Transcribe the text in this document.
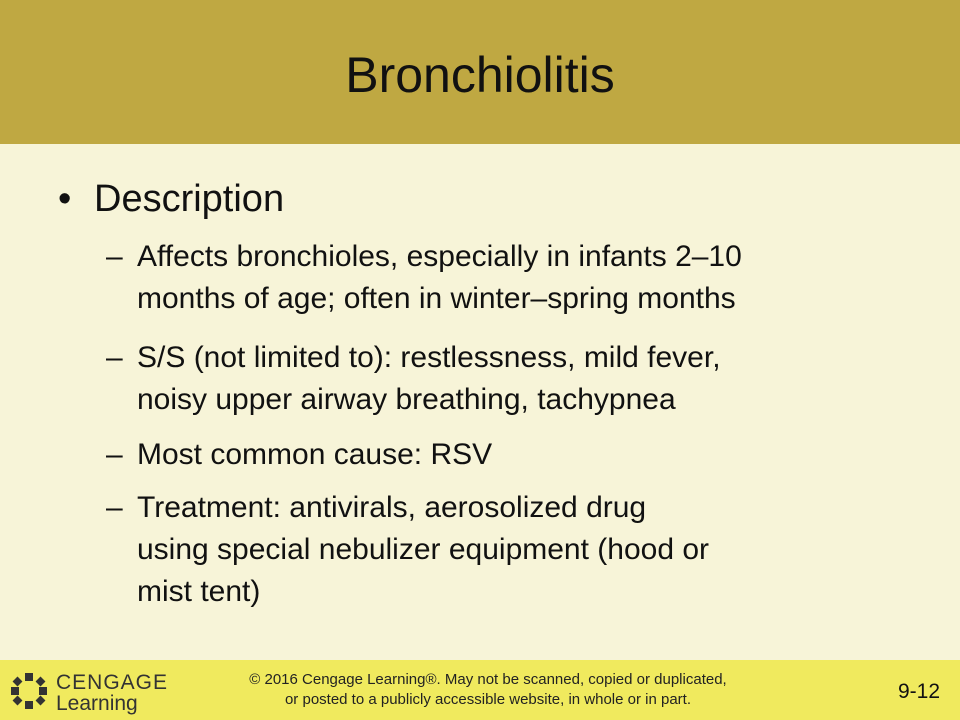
Bronchiolitis
• Description
– Affects bronchioles, especially in infants 2–10
months of age; often in winter–spring months
– S/S (not limited to): restlessness, mild fever,
noisy upper airway breathing, tachypnea
– Most common cause: RSV
– Treatment: antivirals, aerosolized drug
using special nebulizer equipment (hood or
mist tent)
CENGAGE
Learning
© 2016 Cengage Learning®. May not be scanned, copied or duplicated,
or posted to a publicly accessible website, in whole or in part.	9-12
